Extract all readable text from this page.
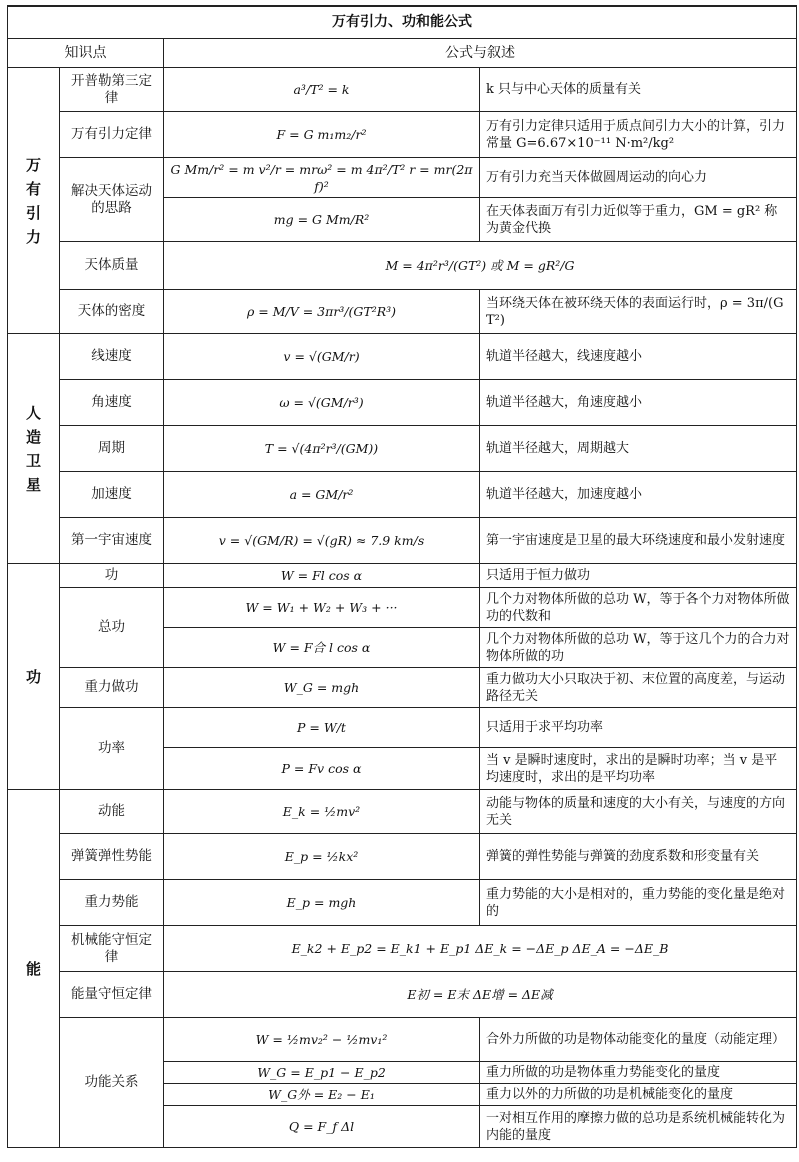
万有引力、功和能公式			
知识点		公式与叙述	

万
有
引
力	开普勒第三定律	a³/T² = k	k 只与中心天体的质量有关
	万有引力定律	F = G m₁m₂/r²	万有引力定律只适用于质点间引力大小的计算，引力常量 G=6.67×10⁻¹¹ N·m²/kg²
	解决天体运动的思路	G Mm/r² = m v²/r = mrω² = m 4π²/T² r = mr(2πf)²	万有引力充当天体做圆周运动的向心力
		mg = G Mm/R²	在天体表面万有引力近似等于重力，GM = gR² 称为黄金代换
	天体质量	M = 4π²r³/(GT²) 或 M = gR²/G	
	天体的密度	ρ = M/V = 3πr³/(GT²R³)	当环绕天体在被环绕天体的表面运行时，ρ = 3π/(GT²)

人
造
卫
星	线速度	v = √(GM/r)	轨道半径越大，线速度越小
	角速度	ω = √(GM/r³)	轨道半径越大，角速度越小
	周期	T = √(4π²r³/(GM))	轨道半径越大，周期越大
	加速度	a = GM/r²	轨道半径越大，加速度越小
	第一宇宙速度	v = √(GM/R) = √(gR) ≈ 7.9 km/s	第一宇宙速度是卫星的最大环绕速度和最小发射速度

功	功	W = Fl cos α	只适用于恒力做功
	总功	W = W₁ + W₂ + W₃ + ···	几个力对物体所做的总功 W，等于各个力对物体所做功的代数和
		W = F合 l cos α	几个力对物体所做的总功 W，等于这几个力的合力对物体所做的功
	重力做功	W_G = mgh	重力做功大小只取决于初、末位置的高度差，与运动路径无关
	功率	P = W/t	只适用于求平均功率
		P = Fv cos α	当 v 是瞬时速度时，求出的是瞬时功率；当 v 是平均速度时，求出的是平均功率

能	动能	E_k = ½mv²	动能与物体的质量和速度的大小有关，与速度的方向无关
	弹簧弹性势能	E_p = ½kx²	弹簧的弹性势能与弹簧的劲度系数和形变量有关
	重力势能	E_p = mgh	重力势能的大小是相对的，重力势能的变化量是绝对的
	机械能守恒定律	E_k2 + E_p2 = E_k1 + E_p1 ΔE_k = −ΔE_p ΔE_A = −ΔE_B	
	能量守恒定律	E初 = E末 ΔE增 = ΔE减	
	功能关系	W = ½mv₂² − ½mv₁²	合外力所做的功是物体动能变化的量度（动能定理）
		W_G = E_p1 − E_p2	重力所做的功是物体重力势能变化的量度
		W_G外 = E₂ − E₁	重力以外的力所做的功是机械能变化的量度
		Q = F_f Δl	一对相互作用的摩擦力做的总功是系统机械能转化为内能的量度
